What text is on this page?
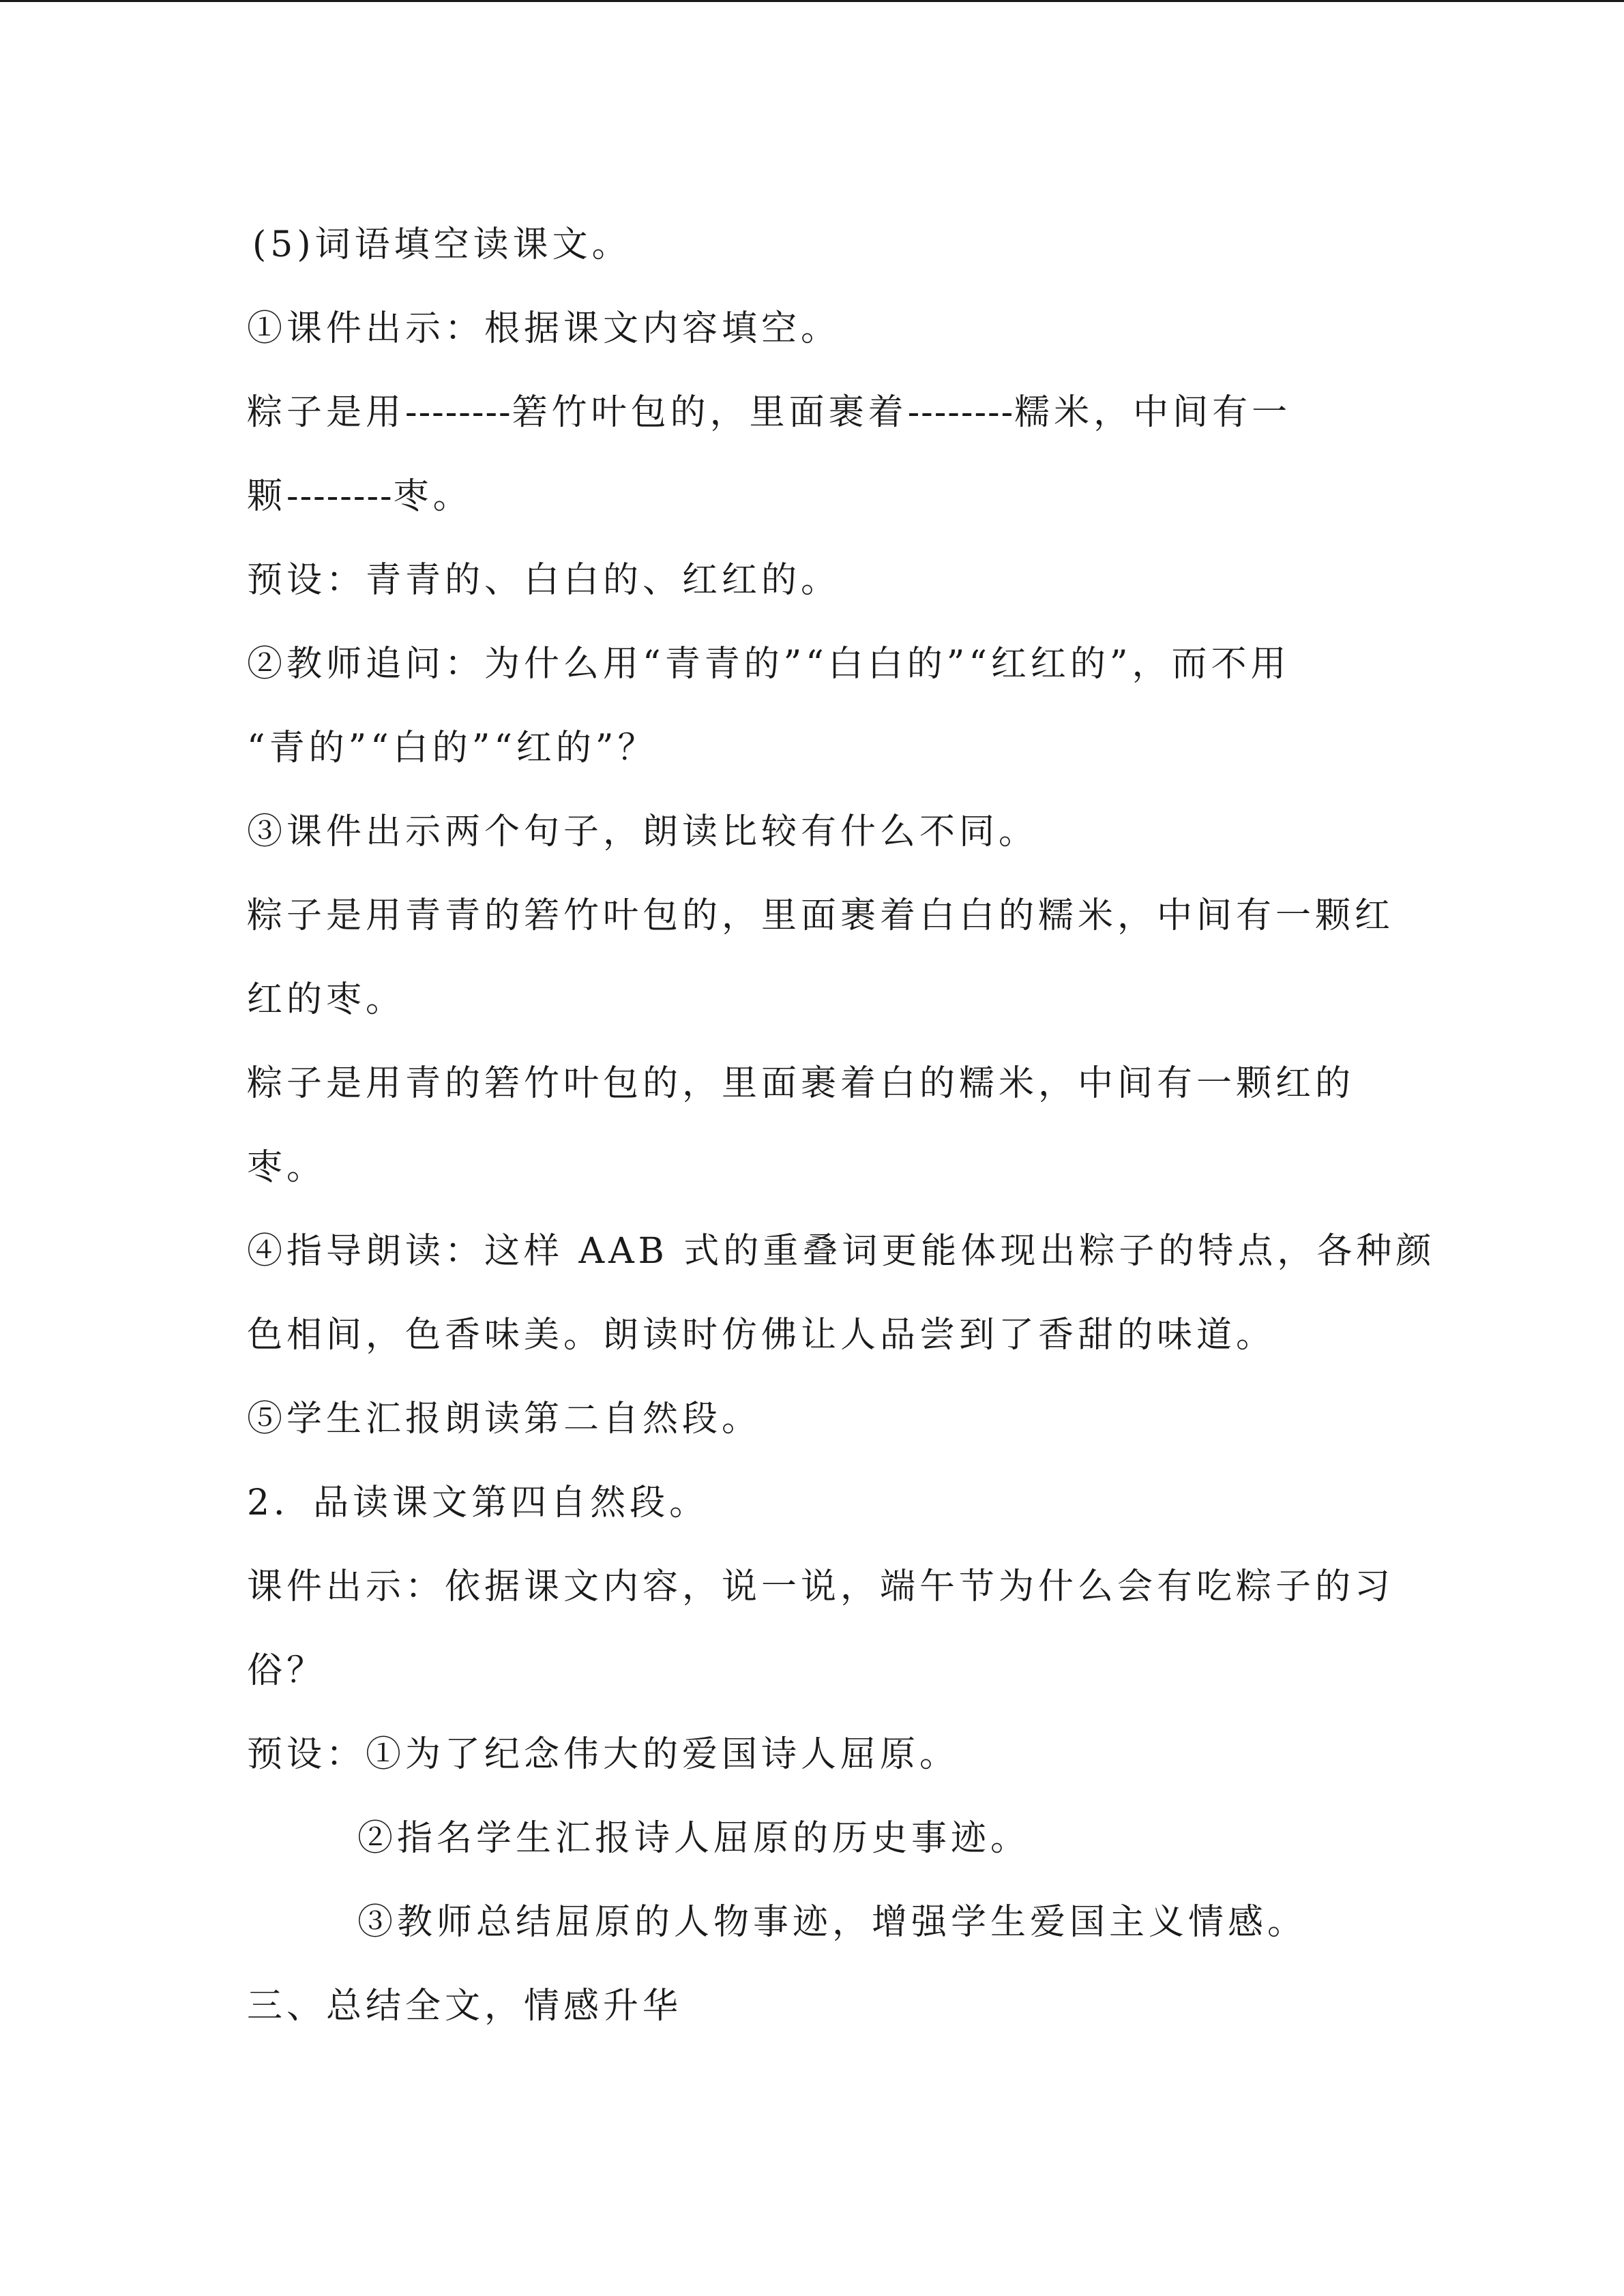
(5)词语填空读课文。
①课件出示：根据课文内容填空。
粽子是用--------箬竹叶包的，里面裹着--------糯米，中间有一
颗--------枣。
预设：青青的、白白的、红红的。
②教师追问：为什么用“青青的”“白白的”“红红的”，而不用
“青的”“白的”“红的”？
③课件出示两个句子，朗读比较有什么不同。
粽子是用青青的箬竹叶包的，里面裹着白白的糯米，中间有一颗红
红的枣。
粽子是用青的箬竹叶包的，里面裹着白的糯米，中间有一颗红的
枣。
④指导朗读：这样 AAB 式的重叠词更能体现出粽子的特点，各种颜
色相间，色香味美。朗读时仿佛让人品尝到了香甜的味道。
⑤学生汇报朗读第二自然段。
2．品读课文第四自然段。
课件出示：依据课文内容，说一说，端午节为什么会有吃粽子的习
俗？
预设：①为了纪念伟大的爱国诗人屈原。
②指名学生汇报诗人屈原的历史事迹。
③教师总结屈原的人物事迹，增强学生爱国主义情感。
三、总结全文，情感升华
